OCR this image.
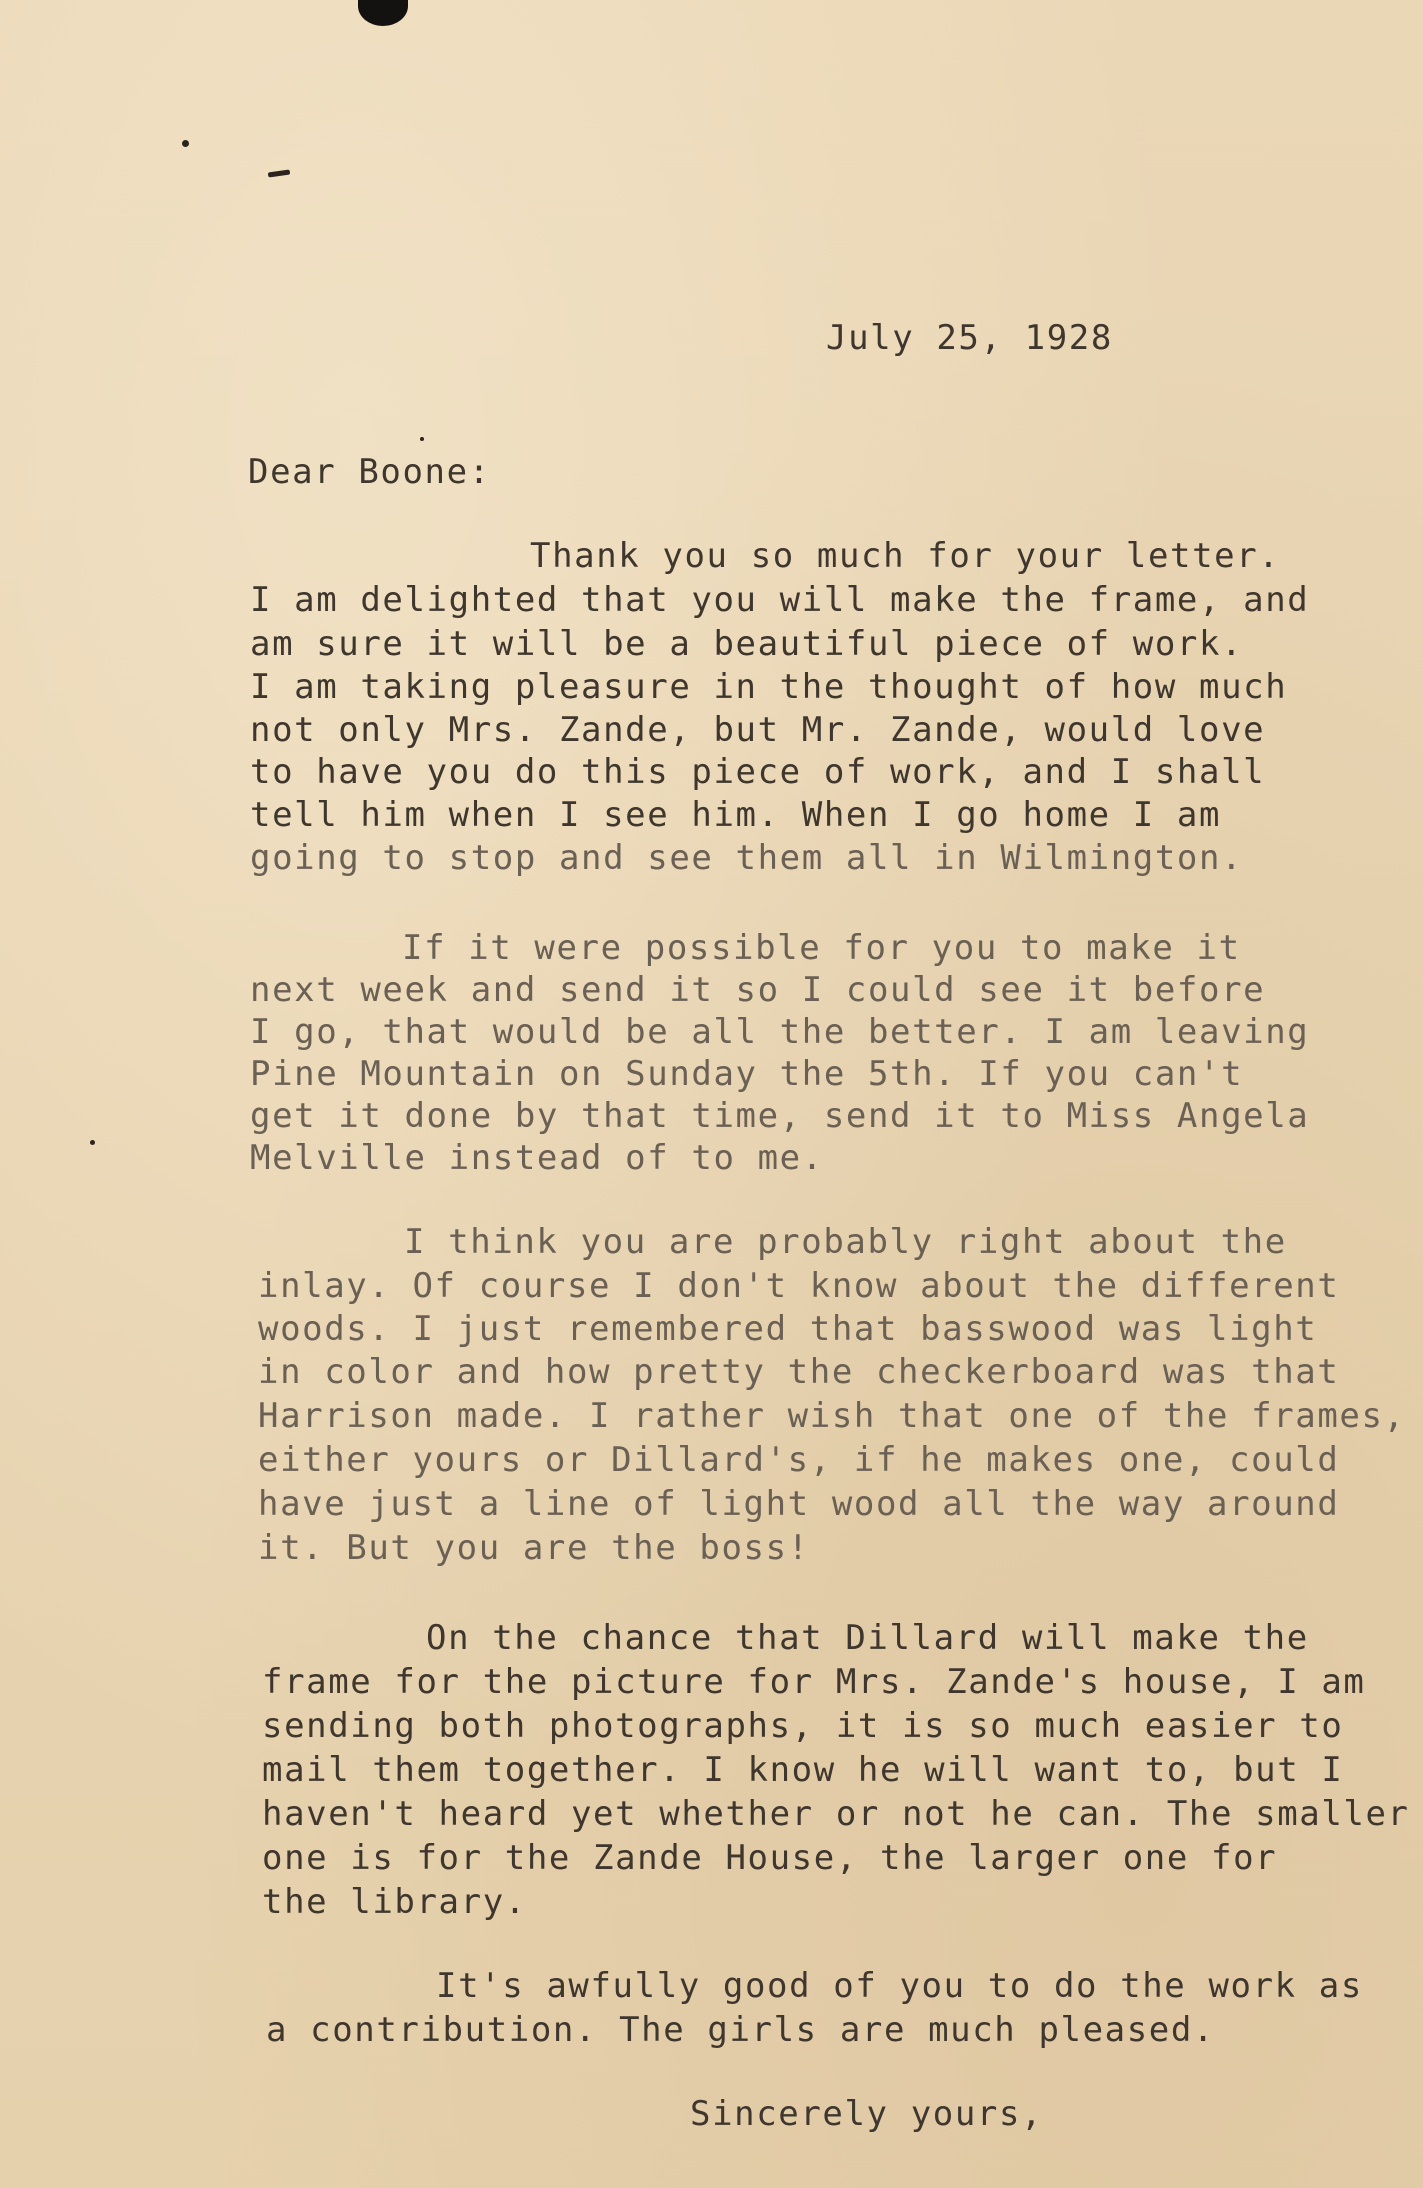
July 25, 1928
Dear Boone:
Thank you so much for your letter.
I am delighted that you will make the frame, and
am sure it will be a beautiful piece of work.
I am taking pleasure in the thought of how much
not only Mrs. Zande, but Mr. Zande, would love
to have you do this piece of work, and I shall
tell him when I see him. When I go home I am
going to stop and see them all in Wilmington.
If it were possible for you to make it
next week and send it so I could see it before
I go, that would be all the better. I am leaving
Pine Mountain on Sunday the 5th. If you can't
get it done by that time, send it to Miss Angela
Melville instead of to me.
I think you are probably right about the
inlay. Of course I don't know about the different
woods. I just remembered that basswood was light
in color and how pretty the checkerboard was that
Harrison made. I rather wish that one of the frames,
either yours or Dillard's, if he makes one, could
have just a line of light wood all the way around
it. But you are the boss!
On the chance that Dillard will make the
frame for the picture for Mrs. Zande's house, I am
sending both photographs, it is so much easier to
mail them together. I know he will want to, but I
haven't heard yet whether or not he can. The smaller
one is for the Zande House, the larger one for
the library.
It's awfully good of you to do the work as
a contribution. The girls are much pleased.
Sincerely yours,
